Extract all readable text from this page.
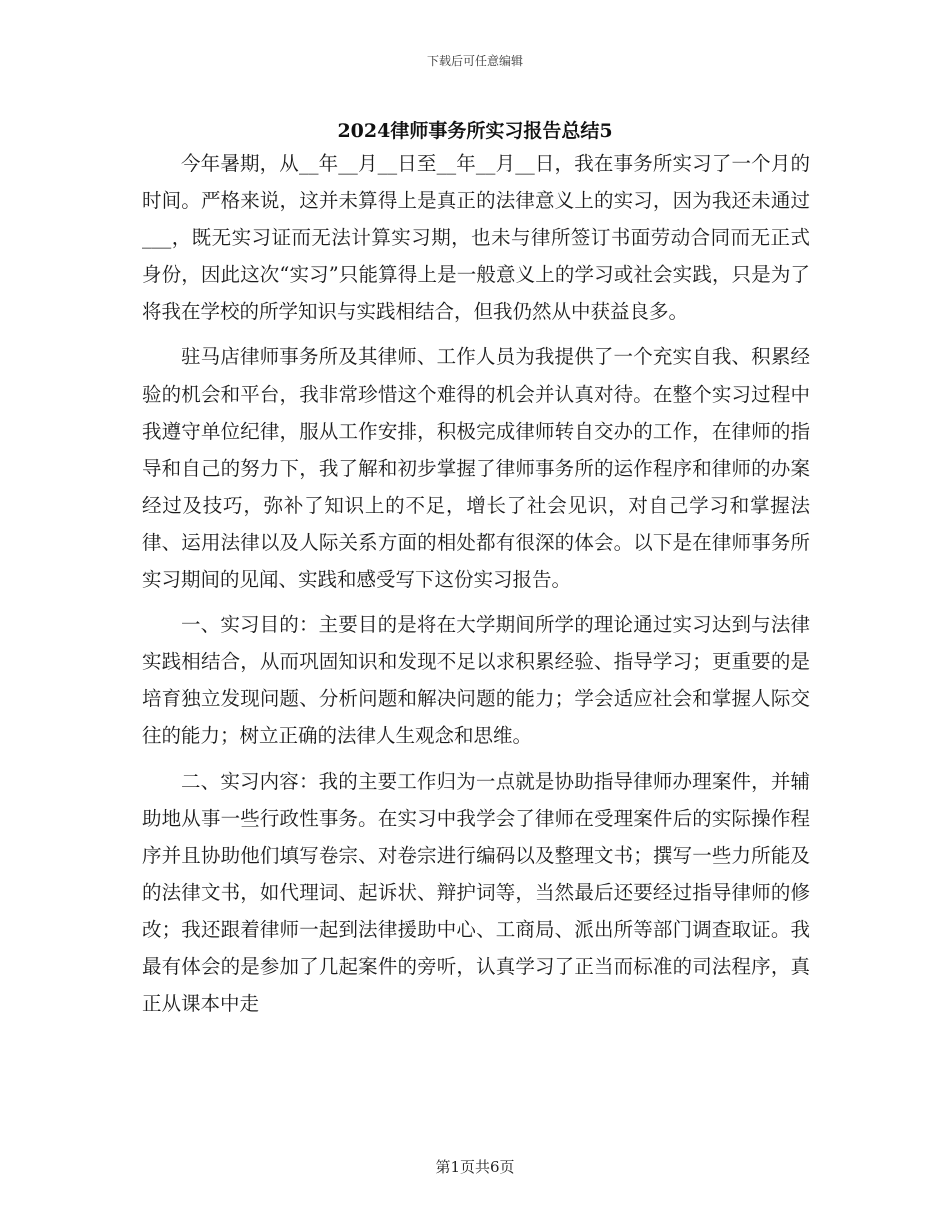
下载后可任意编辑
2024律师事务所实习报告总结5

今年暑期，从__年__月__日至__年__月__日，我在事务所实习了一个月的时间。严格来说，这并未算得上是真正的法律意义上的实习，因为我还未通过___，既无实习证而无法计算实习期，也未与律所签订书面劳动合同而无正式身份，因此这次“实习”只能算得上是一般意义上的学习或社会实践，只是为了将我在学校的所学知识与实践相结合，但我仍然从中获益良多。

驻马店律师事务所及其律师、工作人员为我提供了一个充实自我、积累经验的机会和平台，我非常珍惜这个难得的机会并认真对待。在整个实习过程中我遵守单位纪律，服从工作安排，积极完成律师转自交办的工作，在律师的指导和自己的努力下，我了解和初步掌握了律师事务所的运作程序和律师的办案经过及技巧，弥补了知识上的不足，增长了社会见识，对自己学习和掌握法律、运用法律以及人际关系方面的相处都有很深的体会。以下是在律师事务所实习期间的见闻、实践和感受写下这份实习报告。

一、实习目的：主要目的是将在大学期间所学的理论通过实习达到与法律实践相结合，从而巩固知识和发现不足以求积累经验、指导学习；更重要的是培育独立发现问题、分析问题和解决问题的能力；学会适应社会和掌握人际交往的能力；树立正确的法律人生观念和思维。

二、实习内容：我的主要工作归为一点就是协助指导律师办理案件，并辅助地从事一些行政性事务。在实习中我学会了律师在受理案件后的实际操作程序并且协助他们填写卷宗、对卷宗进行编码以及整理文书；撰写一些力所能及的法律文书，如代理词、起诉状、辩护词等，当然最后还要经过指导律师的修改；我还跟着律师一起到法律援助中心、工商局、派出所等部门调查取证。我最有体会的是参加了几起案件的旁听，认真学习了正当而标准的司法程序，真正从课本中走

第1页共6页
